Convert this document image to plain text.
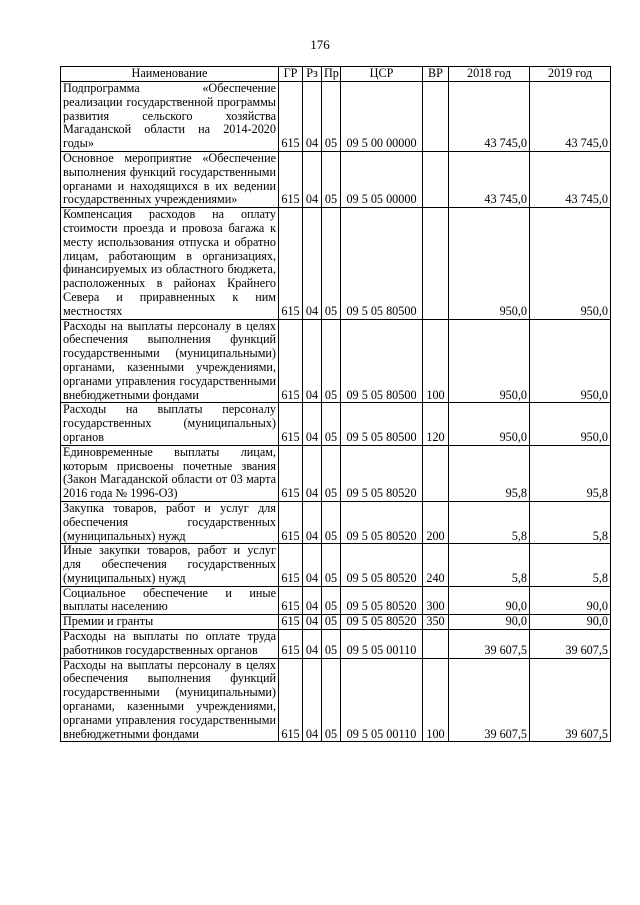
176
Наименование	ГР	Рз	Пр	ЦСР	ВР	2018 год	2019 год
Подпрограмма «Обеспечение реализации государственной программы развития сельского хозяйства Магаданской области на 2014-2020 годы»	615	04	05	09 5 00 00000		43 745,0	43 745,0
Основное мероприятие «Обеспечение выполнения функций государственными органами и находящихся в их ведении государственных учреждениями»	615	04	05	09 5 05 00000		43 745,0	43 745,0
Компенсация расходов на оплату стоимости проезда и провоза багажа к месту использования отпуска и обратно лицам, работающим в организациях, финансируемых из областного бюджета, расположенных в районах Крайнего Севера и приравненных к ним местностях	615	04	05	09 5 05 80500		950,0	950,0
Расходы на выплаты персоналу в целях обеспечения выполнения функций государственными (муниципальными) органами, казенными учреждениями, органами управления государственными внебюджетными фондами	615	04	05	09 5 05 80500	100	950,0	950,0
Расходы на выплаты персоналу государственных (муниципальных) органов	615	04	05	09 5 05 80500	120	950,0	950,0
Единовременные выплаты лицам, которым присвоены почетные звания (Закон Магаданской области от 03 марта 2016 года № 1996-ОЗ)	615	04	05	09 5 05 80520		95,8	95,8
Закупка товаров, работ и услуг для обеспечения государственных (муниципальных) нужд	615	04	05	09 5 05 80520	200	5,8	5,8
Иные закупки товаров, работ и услуг для обеспечения государственных (муниципальных) нужд	615	04	05	09 5 05 80520	240	5,8	5,8
Социальное обеспечение и иные выплаты населению	615	04	05	09 5 05 80520	300	90,0	90,0
Премии и гранты	615	04	05	09 5 05 80520	350	90,0	90,0
Расходы на выплаты по оплате труда работников государственных органов	615	04	05	09 5 05 00110		39 607,5	39 607,5
Расходы на выплаты персоналу в целях обеспечения выполнения функций государственными (муниципальными) органами, казенными учреждениями, органами управления государственными внебюджетными фондами	615	04	05	09 5 05 00110	100	39 607,5	39 607,5
